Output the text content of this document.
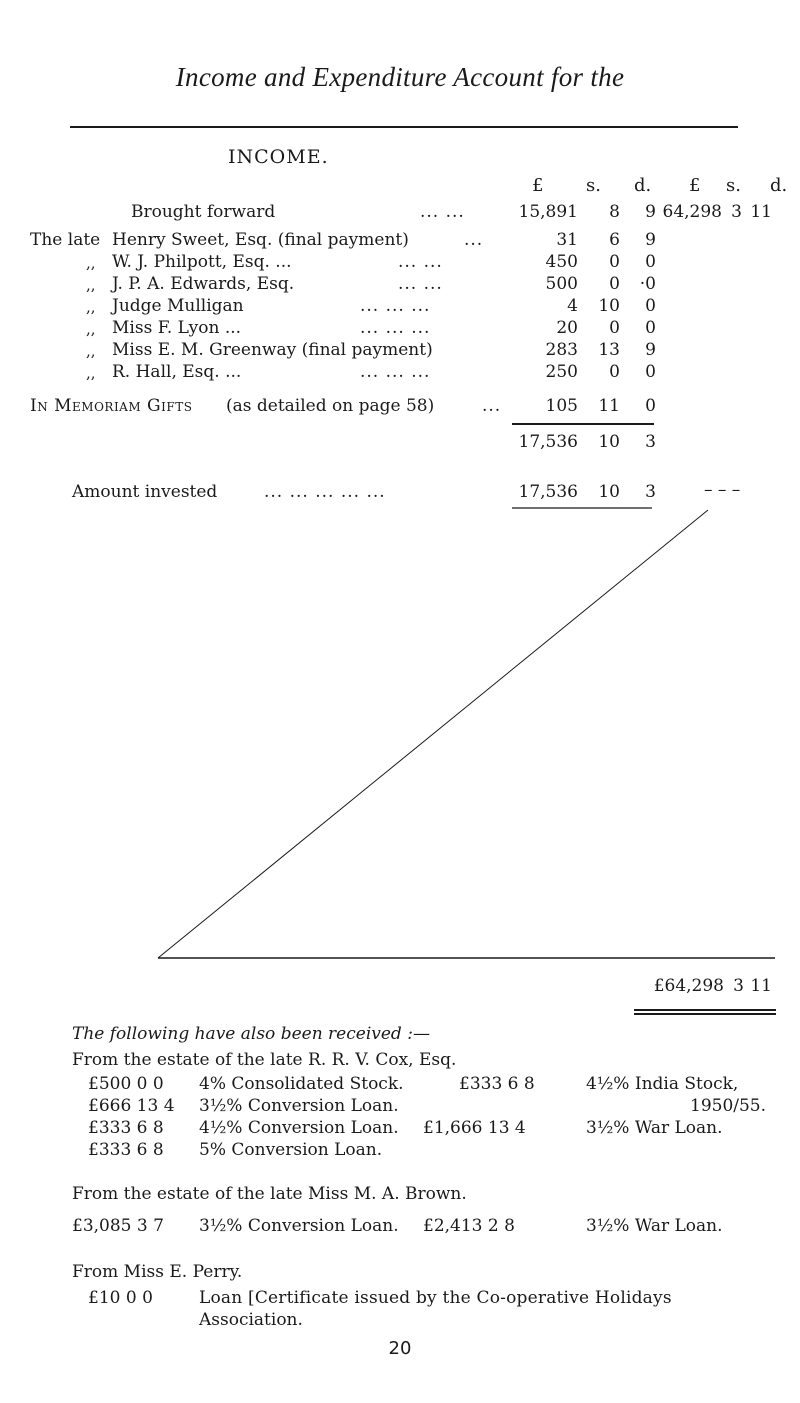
Income and Expenditure Account for the
INCOME.
£ s. d. £ s. d.
Brought forward	... ...	15,891 8 9 64,298 3 11
The late Henry Sweet, Esq. (final payment)	...	31 6 9
,, W. J. Philpott, Esq. ...	... ...	450 0 0
,, J. P. A. Edwards, Esq.	... ...	500 0 ·0
,, Judge Mulligan	... ... ...	4 10 0
,, Miss F. Lyon ...	... ... ...	20 0 0
,, Miss E. M. Greenway (final payment)	283 13 9
,, R. Hall, Esq. ...	... ... ...	250 0 0
In Memoriam Gifts (as detailed on page 58)	...	105 11 0
17,536 10 3
Amount invested	... ... ... ... ...	17,536 10 3	– – –
£64,298 3 11
The following have also been received :—
From the estate of the late R. R. V. Cox, Esq.
£500 0 0 4% Consolidated Stock.	£333 6 8	4½% India Stock,
£666 13 4 3½% Conversion Loan.	1950/55.
£333 6 8 4½% Conversion Loan. £1,666 13 4	3½% War Loan.
£333 6 8 5% Conversion Loan.
From the estate of the late Miss M. A. Brown.
£3,085 3 7 3½% Conversion Loan. £2,413 2 8	3½% War Loan.
From Miss E. Perry.
£10 0 0	Loan [Certificate issued by the Co-operative Holidays
Association.
20
